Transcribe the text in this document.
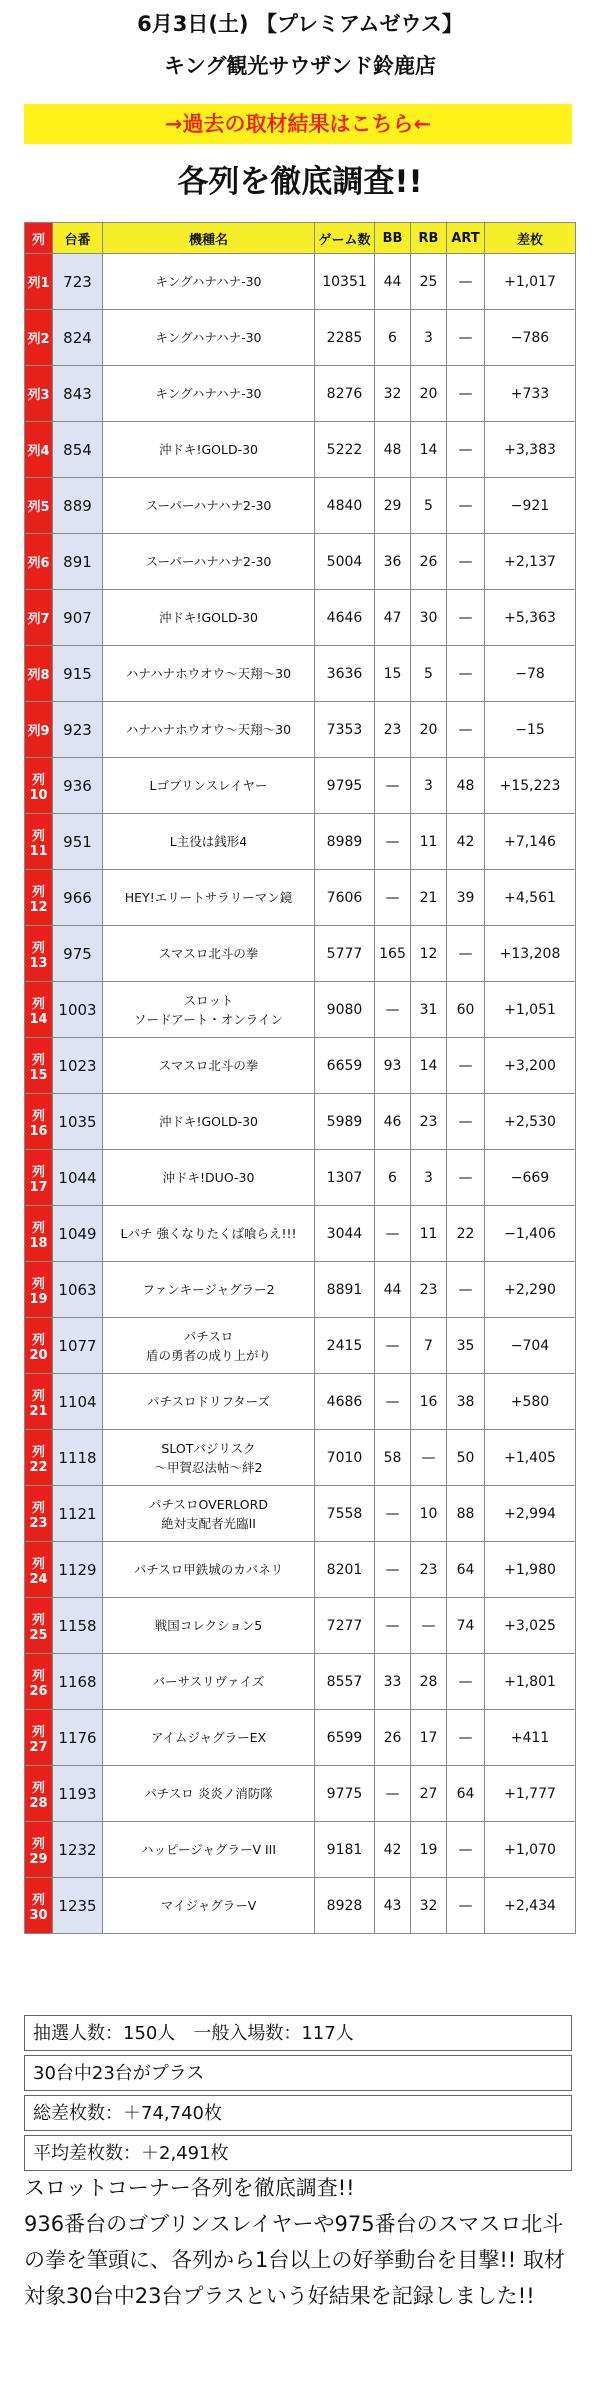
6月3日(土) 【プレミアムゼウス】
キング観光サウザンド鈴鹿店
→過去の取材結果はこちら←
各列を徹底調査!!
列	台番	機種名	ゲーム数	BB	RB	ART	差枚
列1	723	キングハナハナ-30	10351	44	25	—	+1,017
列2	824	キングハナハナ-30	2285	6	3	—	−786
列3	843	キングハナハナ-30	8276	32	20	—	+733
列4	854	沖ドキ!GOLD-30	5222	48	14	—	+3,383
列5	889	スーパーハナハナ2-30	4840	29	5	—	−921
列6	891	スーパーハナハナ2-30	5004	36	26	—	+2,137
列7	907	沖ドキ!GOLD-30	4646	47	30	—	+5,363
列8	915	ハナハナホウオウ〜天翔〜30	3636	15	5	—	−78
列9	923	ハナハナホウオウ〜天翔〜30	7353	23	20	—	−15
列10	936	Lゴブリンスレイヤー	9795	—	3	48	+15,223
列11	951	L主役は銭形4	8989	—	11	42	+7,146
列12	966	HEY!エリートサラリーマン鏡	7606	—	21	39	+4,561
列13	975	スマスロ北斗の拳	5777	165	12	—	+13,208
列14	1003	スロット
ソードアート・オンライン	9080	—	31	60	+1,051
列15	1023	スマスロ北斗の拳	6659	93	14	—	+3,200
列16	1035	沖ドキ!GOLD-30	5989	46	23	—	+2,530
列17	1044	沖ドキ!DUO-30	1307	6	3	—	−669
列18	1049	Lパチ 強くなりたくば喰らえ!!!	3044	—	11	22	−1,406
列19	1063	ファンキージャグラー2	8891	44	23	—	+2,290
列20	1077	パチスロ
盾の勇者の成り上がり	2415	—	7	35	−704
列21	1104	パチスロドリフターズ	4686	—	16	38	+580
列22	1118	SLOTバジリスク
〜甲賀忍法帖〜絆2	7010	58	—	50	+1,405
列23	1121	パチスロOVERLORD
絶対支配者光臨II	7558	—	10	88	+2,994
列24	1129	パチスロ甲鉄城のカバネリ	8201	—	23	64	+1,980
列25	1158	戦国コレクション5	7277	—	—	74	+3,025
列26	1168	バーサスリヴァイズ	8557	33	28	—	+1,801
列27	1176	アイムジャグラーEX	6599	26	17	—	+411
列28	1193	パチスロ 炎炎ノ消防隊	9775	—	27	64	+1,777
列29	1232	ハッピージャグラーV III	9181	42	19	—	+1,070
列30	1235	マイジャグラーV	8928	43	32	—	+2,434
抽選人数：150人　一般入場数：117人
30台中23台がプラス
総差枚数：＋74,740枚
平均差枚数：＋2,491枚
スロットコーナー各列を徹底調査!!
936番台のゴブリンスレイヤーや975番台のスマスロ北斗の拳を筆頭に、各列から1台以上の好挙動台を目撃!! 取材対象30台中23台プラスという好結果を記録しました!!
